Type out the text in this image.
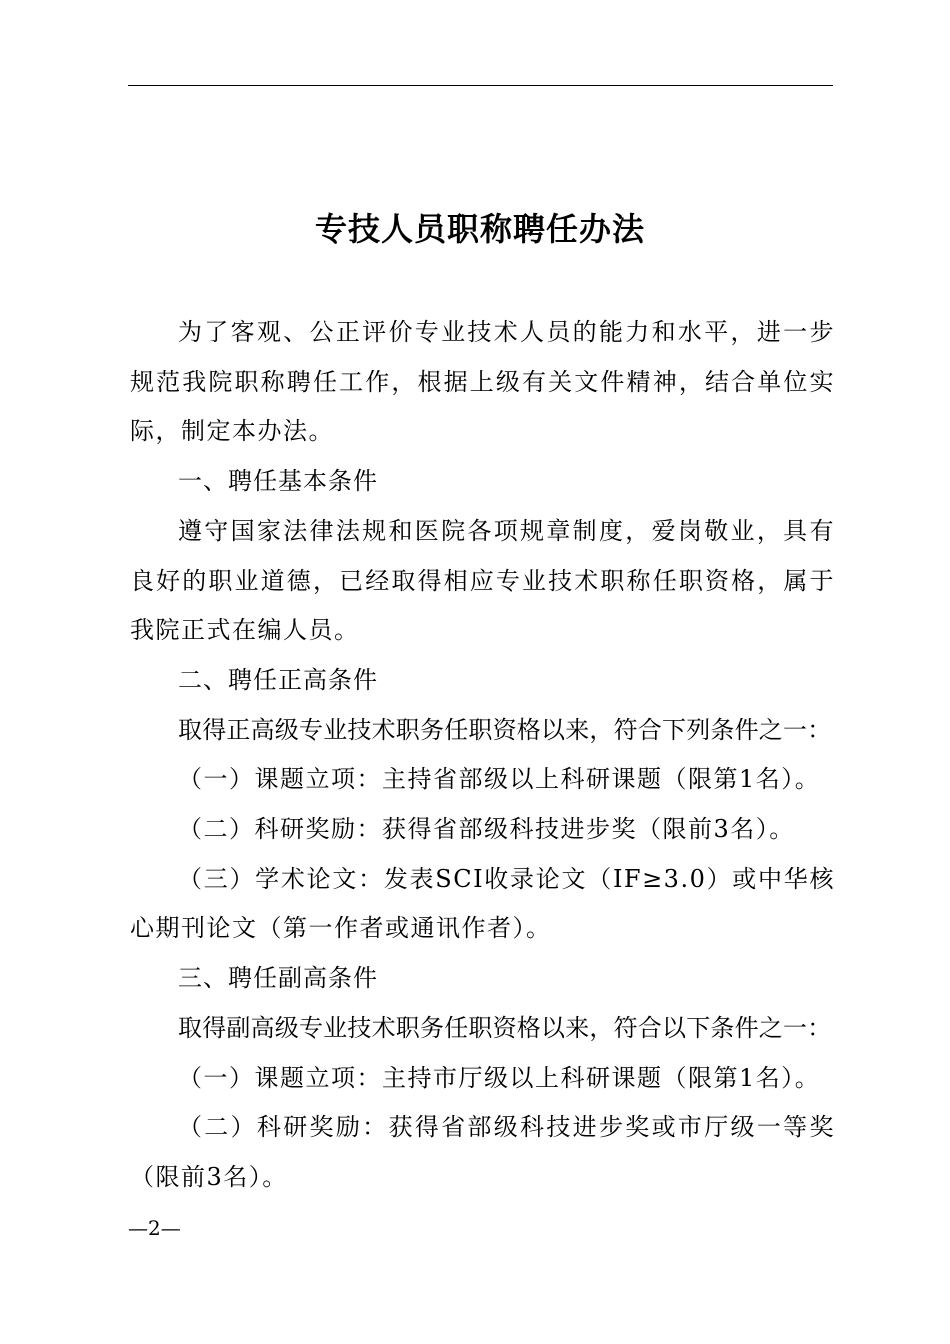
专技人员职称聘任办法

为了客观、公正评价专业技术人员的能力和水平，进一步规范我院职称聘任工作，根据上级有关文件精神，结合单位实际，制定本办法。

一、聘任基本条件

遵守国家法律法规和医院各项规章制度，爱岗敬业，具有良好的职业道德，已经取得相应专业技术职称任职资格，属于我院正式在编人员。

二、聘任正高条件

取得正高级专业技术职务任职资格以来，符合下列条件之一：

（一）课题立项：主持省部级以上科研课题（限第1名）。

（二）科研奖励：获得省部级科技进步奖（限前3名）。

（三）学术论文：发表SCI收录论文（IF≥3.0）或中华核心期刊论文（第一作者或通讯作者）。

三、聘任副高条件

取得副高级专业技术职务任职资格以来，符合以下条件之一：

（一）课题立项：主持市厅级以上科研课题（限第1名）。

（二）科研奖励：获得省部级科技进步奖或市厅级一等奖（限前3名）。

—2—
